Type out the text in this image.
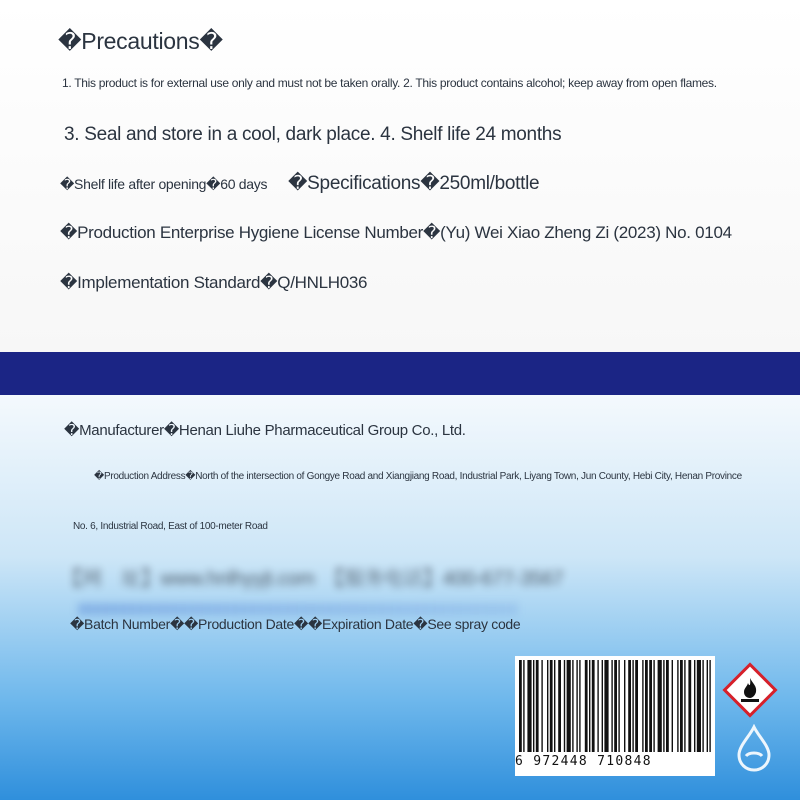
�Precautions�
1. This product is for external use only and must not be taken orally. 2. This product contains alcohol; keep away from open flames.
3. Seal and store in a cool, dark place. 4. Shelf life 24 months
�Shelf life after opening�60 days �Specifications�250ml/bottle
�Production Enterprise Hygiene License Number�(Yu) Wei Xiao Zheng Zi (2023) No. 0104
�Implementation Standard�Q/HNLH036
�Manufacturer�Henan Liuhe Pharmaceutical Group Co., Ltd.
�Production Address�North of the intersection of Gongye Road and Xiangjiang Road, Industrial Park, Liyang Town, Jun County, Hebi City, Henan Province
No. 6, Industrial Road, East of 100-meter Road
【网　址】www.hnlhyyjt.com　【服务电话】400-677-3567
�Batch Number��Production Date��Expiration Date�See spray code
6 972448 710848
